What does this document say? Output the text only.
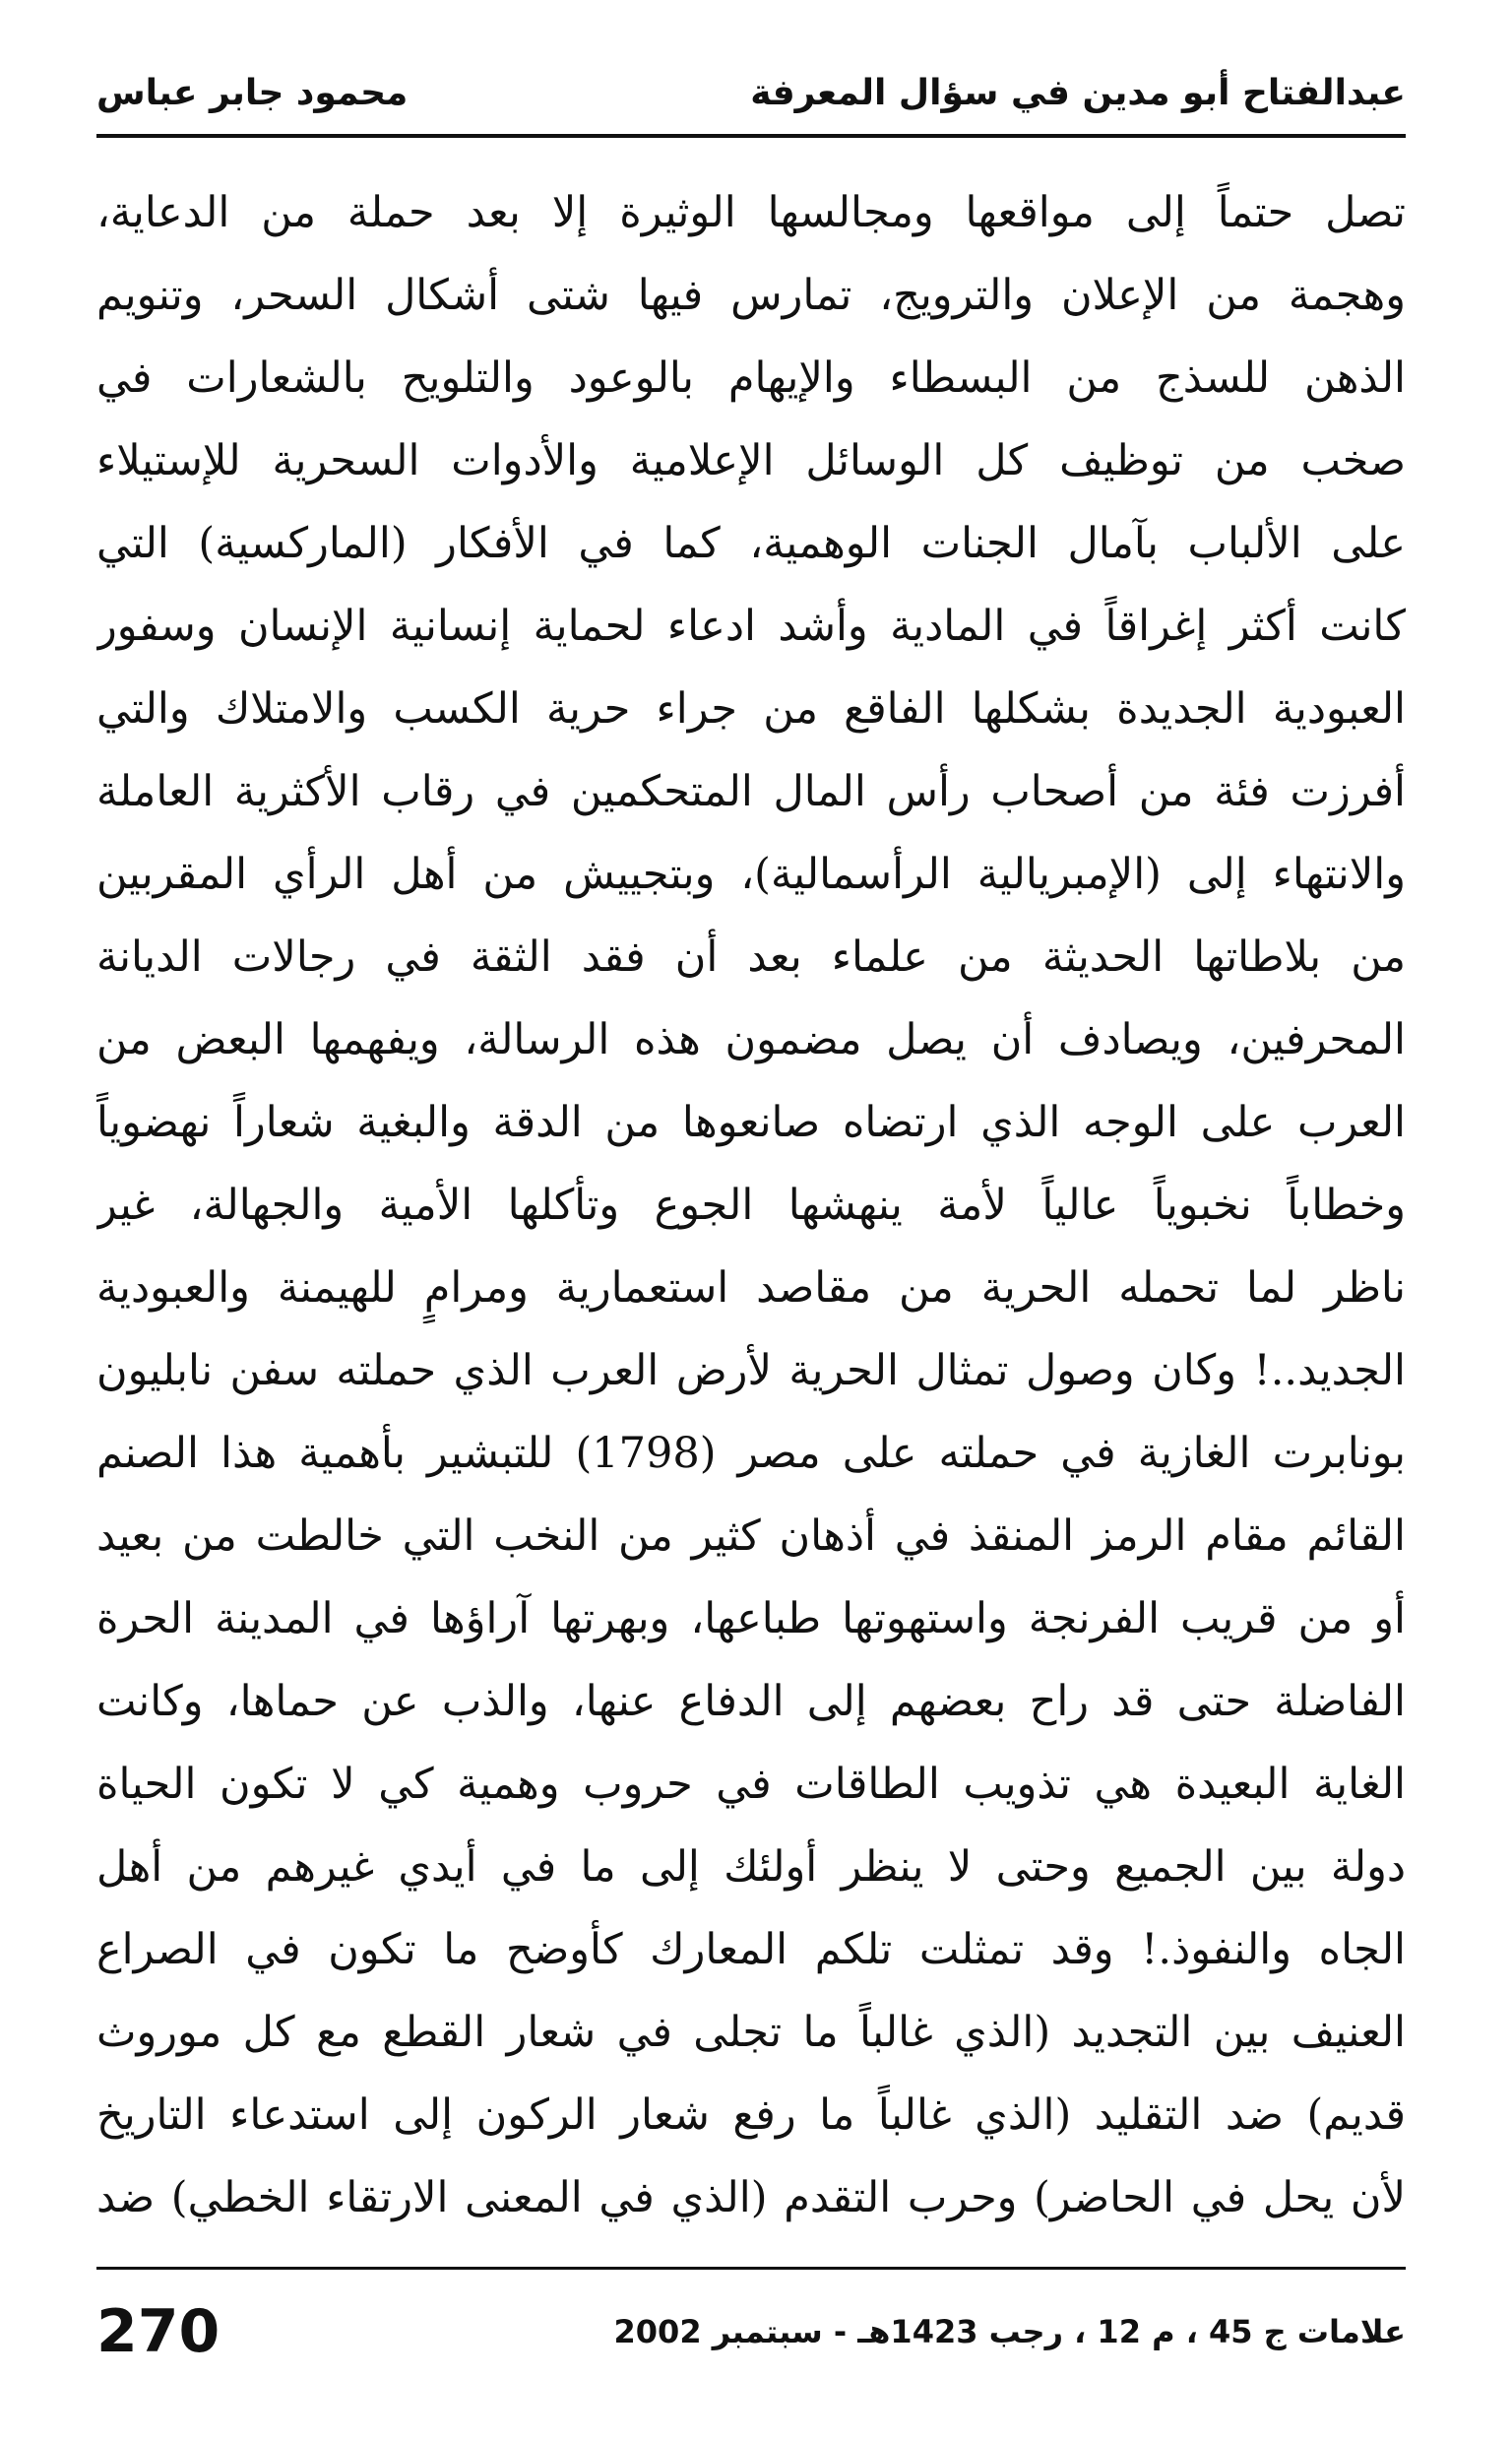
عبدالفتاح أبو مدين في سؤال المعرفة
محمود جابر عباس
تصل حتماً إلى مواقعها ومجالسها الوثيرة إلا بعد حملة من الدعاية،
وهجمة من الإعلان والترويج، تمارس فيها شتى أشكال السحر، وتنويم
الذهن للسذج من البسطاء والإيهام بالوعود والتلويح بالشعارات في
صخب من توظيف كل الوسائل الإعلامية والأدوات السحرية للإستيلاء
على الألباب بآمال الجنات الوهمية، كما في الأفكار (الماركسية) التي
كانت أكثر إغراقاً في المادية وأشد ادعاء لحماية إنسانية الإنسان وسفور
العبودية الجديدة بشكلها الفاقع من جراء حرية الكسب والامتلاك والتي
أفرزت فئة من أصحاب رأس المال المتحكمين في رقاب الأكثرية العاملة
والانتهاء إلى (الإمبريالية الرأسمالية)، وبتجييش من أهل الرأي المقربين
من بلاطاتها الحديثة من علماء بعد أن فقد الثقة في رجالات الديانة
المحرفين، ويصادف أن يصل مضمون هذه الرسالة، ويفهمها البعض من
العرب على الوجه الذي ارتضاه صانعوها من الدقة والبغية شعاراً نهضوياً
وخطاباً نخبوياً عالياً لأمة ينهشها الجوع وتأكلها الأمية والجهالة، غير
ناظر لما تحمله الحرية من مقاصد استعمارية ومرامٍ للهيمنة والعبودية
الجديد..! وكان وصول تمثال الحرية لأرض العرب الذي حملته سفن نابليون
بونابرت الغازية في حملته على مصر (1798) للتبشير بأهمية هذا الصنم
القائم مقام الرمز المنقذ في أذهان كثير من النخب التي خالطت من بعيد
أو من قريب الفرنجة واستهوتها طباعها، وبهرتها آراؤها في المدينة الحرة
الفاضلة حتى قد راح بعضهم إلى الدفاع عنها، والذب عن حماها، وكانت
الغاية البعيدة هي تذويب الطاقات في حروب وهمية كي لا تكون الحياة
دولة بين الجميع وحتى لا ينظر أولئك إلى ما في أيدي غيرهم من أهل
الجاه والنفوذ.! وقد تمثلت تلكم المعارك كأوضح ما تكون في الصراع
العنيف بين التجديد (الذي غالباً ما تجلى في شعار القطع مع كل موروث
قديم) ضد التقليد (الذي غالباً ما رفع شعار الركون إلى استدعاء التاريخ
لأن يحل في الحاضر) وحرب التقدم (الذي في المعنى الارتقاء الخطي) ضد
علامات ج 45 ، م 12 ، رجب 1423هـ - سبتمبر 2002
270
